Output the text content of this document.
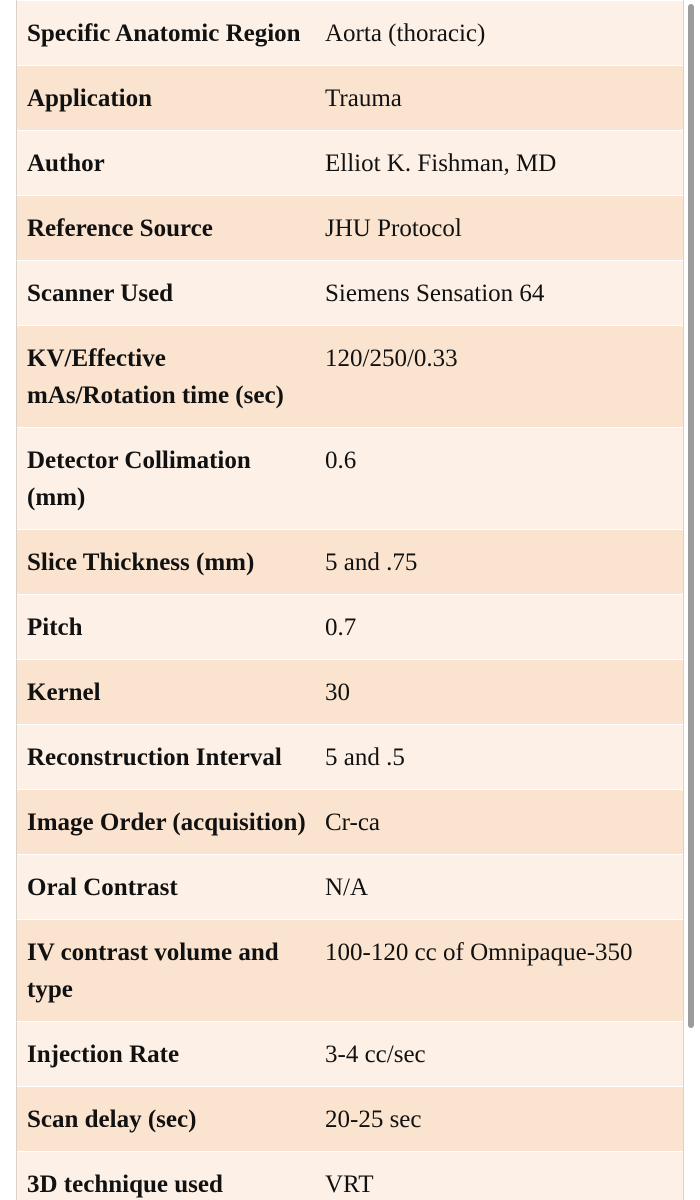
Specific Anatomic Region	Aorta (thoracic)
Application	Trauma
Author	Elliot K. Fishman, MD
Reference Source	JHU Protocol
Scanner Used	Siemens Sensation 64
KV/Effective mAs/Rotation time (sec)	120/250/0.33
Detector Collimation (mm)	0.6
Slice Thickness (mm)	5 and .75
Pitch	0.7
Kernel	30
Reconstruction Interval	5 and .5
Image Order (acquisition)	Cr-ca
Oral Contrast	N/A
IV contrast volume and type	100-120 cc of Omnipaque-350
Injection Rate	3-4 cc/sec
Scan delay (sec)	20-25 sec
3D technique used	VRT
